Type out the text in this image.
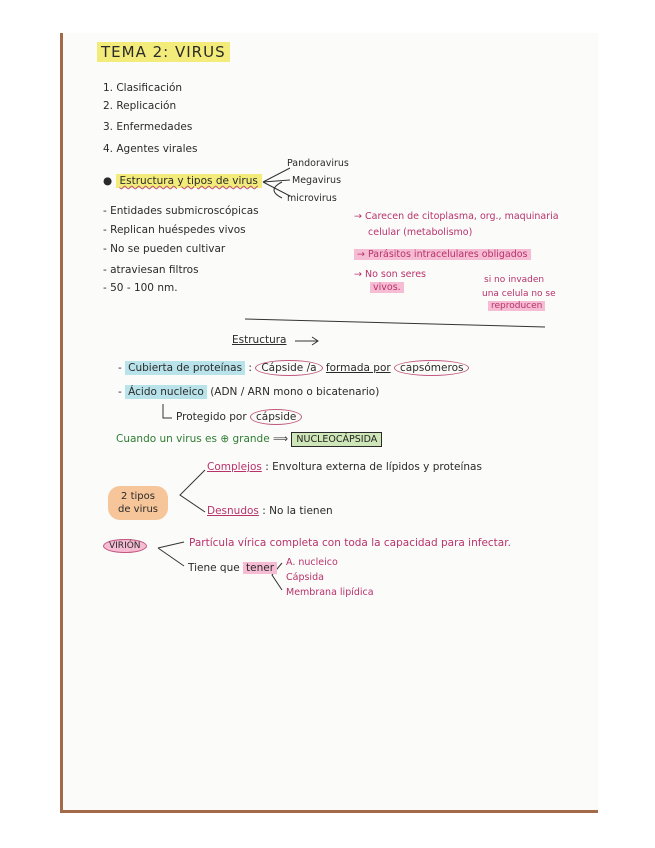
TEMA 2: VIRUS
1. Clasificación
2. Replicación
3. Enfermedades
4. Agentes virales
● Estructura y tipos de virus
Pandoravirus
Megavirus
microvirus
- Entidades submicroscópicas
- Replican huéspedes vivos
- No se pueden cultivar
- atraviesan filtros
- 50 - 100 nm.
→ Carecen de citoplasma, org., maquinaria
celular (metabolismo)
→ Parásitos intracelulares obligados
→ No son seres
vivos.
si no invaden
una celula no se
reproducen
Estructura
- Cubierta de proteínas : Cápside /a formada por capsómeros
- Ácido nucleico (ADN / ARN mono o bicatenario)
Protegido por cápside
Cuando un virus es ⊕ grande ⟹ NUCLEOCÁPSIDA
2 tipos de virus
Complejos : Envoltura externa de lípidos y proteínas
Desnudos : No la tienen
VIRIÓN	Partícula vírica completa con toda la capacidad para infectar.
Tiene que tener	A. nucleico
Cápsida
Membrana lipídica
